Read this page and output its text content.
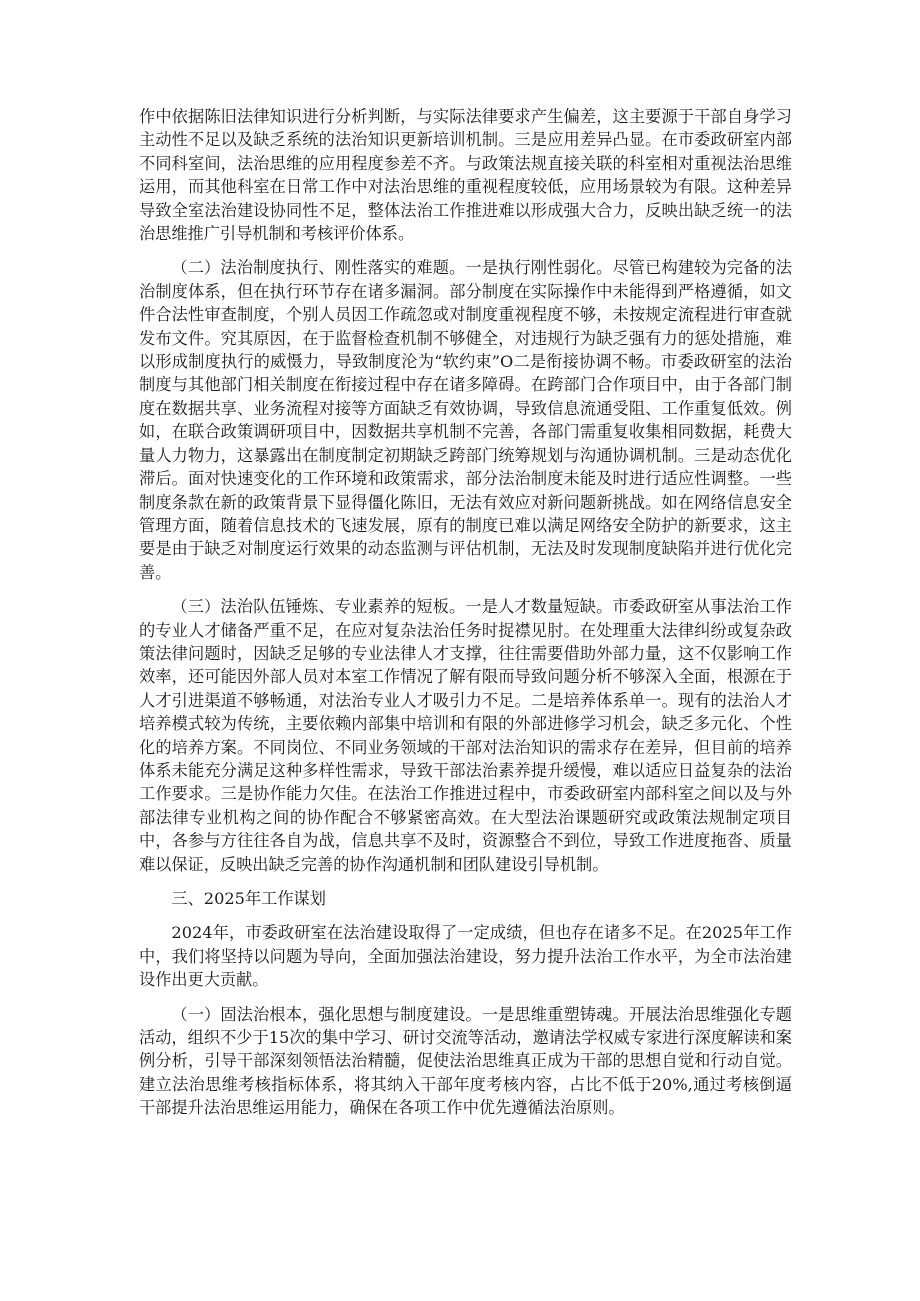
作中依据陈旧法律知识进行分析判断，与实际法律要求产生偏差，这主要源于干部自身学习主动性不足以及缺乏系统的法治知识更新培训机制。三是应用差异凸显。在市委政研室内部不同科室间，法治思维的应用程度参差不齐。与政策法规直接关联的科室相对重视法治思维运用，而其他科室在日常工作中对法治思维的重视程度较低，应用场景较为有限。这种差异导致全室法治建设协同性不足，整体法治工作推进难以形成强大合力，反映出缺乏统一的法治思维推广引导机制和考核评价体系。

（二）法治制度执行、刚性落实的难题。一是执行刚性弱化。尽管已构建较为完备的法治制度体系，但在执行环节存在诸多漏洞。部分制度在实际操作中未能得到严格遵循，如文件合法性审查制度，个别人员因工作疏忽或对制度重视程度不够，未按规定流程进行审查就发布文件。究其原因，在于监督检查机制不够健全，对违规行为缺乏强有力的惩处措施，难以形成制度执行的威慑力，导致制度沦为“软约束”O二是衔接协调不畅。市委政研室的法治制度与其他部门相关制度在衔接过程中存在诸多障碍。在跨部门合作项目中，由于各部门制度在数据共享、业务流程对接等方面缺乏有效协调，导致信息流通受阻、工作重复低效。例如，在联合政策调研项目中，因数据共享机制不完善，各部门需重复收集相同数据，耗费大量人力物力，这暴露出在制度制定初期缺乏跨部门统筹规划与沟通协调机制。三是动态优化滞后。面对快速变化的工作环境和政策需求，部分法治制度未能及时进行适应性调整。一些制度条款在新的政策背景下显得僵化陈旧，无法有效应对新问题新挑战。如在网络信息安全管理方面，随着信息技术的飞速发展，原有的制度已难以满足网络安全防护的新要求，这主要是由于缺乏对制度运行效果的动态监测与评估机制，无法及时发现制度缺陷并进行优化完善。

（三）法治队伍锤炼、专业素养的短板。一是人才数量短缺。市委政研室从事法治工作的专业人才储备严重不足，在应对复杂法治任务时捉襟见肘。在处理重大法律纠纷或复杂政策法律问题时，因缺乏足够的专业法律人才支撑，往往需要借助外部力量，这不仅影响工作效率，还可能因外部人员对本室工作情况了解有限而导致问题分析不够深入全面，根源在于人才引进渠道不够畅通，对法治专业人才吸引力不足。二是培养体系单一。现有的法治人才培养模式较为传统，主要依赖内部集中培训和有限的外部进修学习机会，缺乏多元化、个性化的培养方案。不同岗位、不同业务领域的干部对法治知识的需求存在差异，但目前的培养体系未能充分满足这种多样性需求，导致干部法治素养提升缓慢，难以适应日益复杂的法治工作要求。三是协作能力欠佳。在法治工作推进过程中，市委政研室内部科室之间以及与外部法律专业机构之间的协作配合不够紧密高效。在大型法治课题研究或政策法规制定项目中，各参与方往往各自为战，信息共享不及时，资源整合不到位，导致工作进度拖沓、质量难以保证，反映出缺乏完善的协作沟通机制和团队建设引导机制。

三、2025年工作谋划

2024年，市委政研室在法治建设取得了一定成绩，但也存在诸多不足。在2025年工作中，我们将坚持以问题为导向，全面加强法治建设，努力提升法治工作水平，为全市法治建设作出更大贡献。

（一）固法治根本，强化思想与制度建设。一是思维重塑铸魂。开展法治思维强化专题活动，组织不少于15次的集中学习、研讨交流等活动，邀请法学权威专家进行深度解读和案例分析，引导干部深刻领悟法治精髓，促使法治思维真正成为干部的思想自觉和行动自觉。建立法治思维考核指标体系，将其纳入干部年度考核内容，占比不低于20%,通过考核倒逼干部提升法治思维运用能力，确保在各项工作中优先遵循法治原则。
